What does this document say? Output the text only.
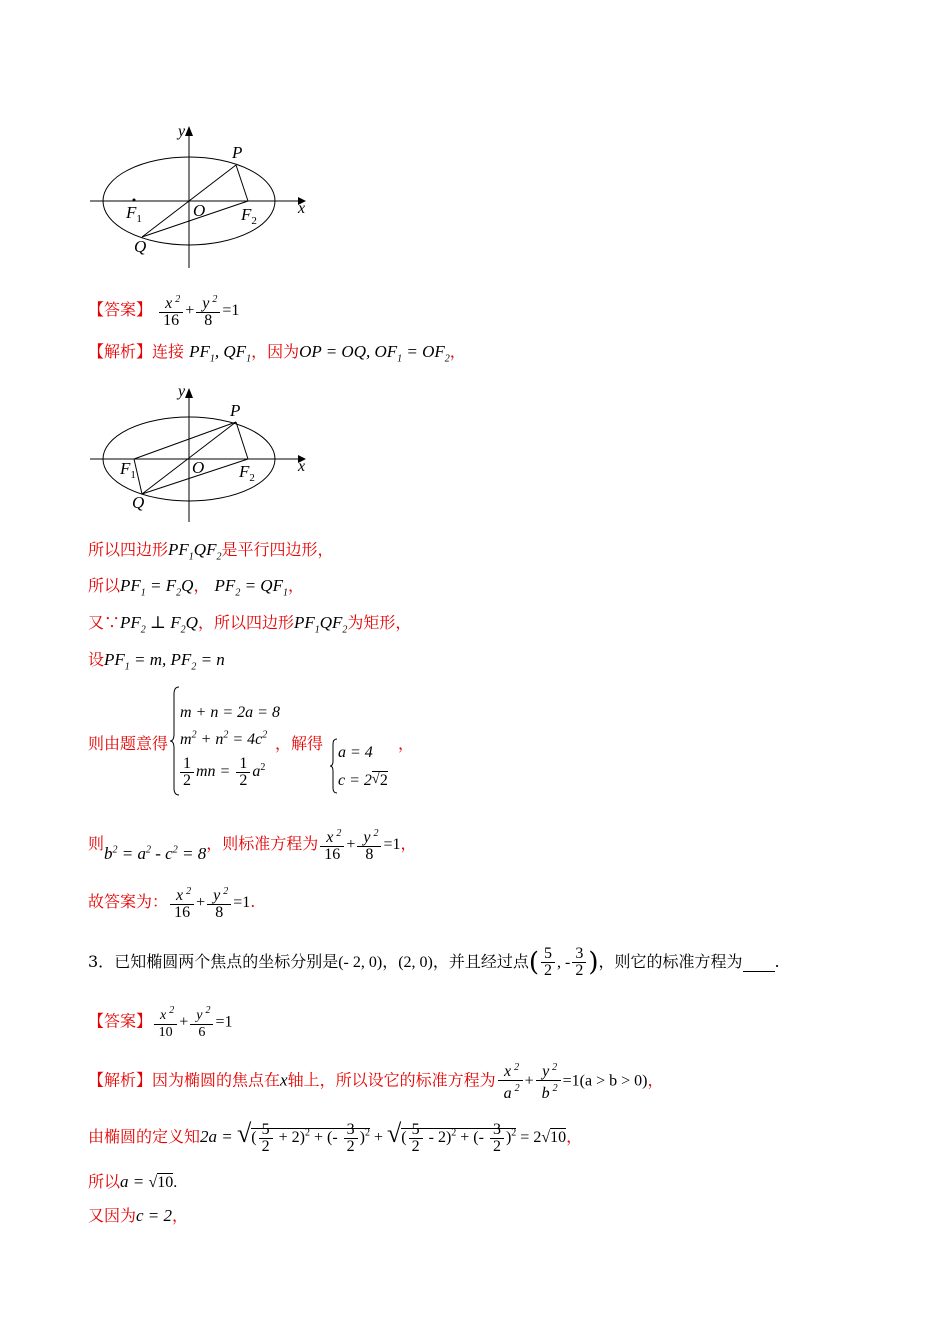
y
x
P
O
$F_1$	$F_2$
Q
【答案】 $\frac{x ^2}{16} + \frac{y ^2}{8} =1$
【解析】连接 $PF_1$, $QF_1$，因为OP = OQ, $OF_1 = OF_2$，
y
x
P
O
$F_1$	$F_2$
Q
所以四边形$PF_1QF_2$是平行四边形，
所以$PF_1 = F_2Q$， $PF_2 = QF_1$，
又$\because PF_2$ ⊥ $F_2Q$，所以四边形$PF_1QF_2$为矩形，
设$PF_1 = m$, $PF_2 = n$
则由题意得
m + n = 2a = 8
$m^2 + n^2 = 4c^2$
$\frac{1}{2}$ mn = $\frac{1}{2} a^2$
，解得 a = 4
c = 2 √ 2
，
则$b^2 = a^2 - c^2 = 8$，则标准方程为 $\frac{x ^2}{16} + \frac{y ^2}{8} =1$，
故答案为： $\frac{x ^2}{16} + \frac{y ^2}{8} =1$.
3．已知椭圆两个焦点的坐标分别是(- 2, 0)，(2, 0)，并且经过点( $\frac{5}{2}$ , - $\frac{3}{2}$ )，则它的标准方程为 .
【答案】 $\frac{x ^2}{10} + \frac{y ^2}{6} =1$
【解析】因为椭圆的焦点在x轴上，所以设它的标准方程为 $\frac{x ^2}{a ^2} + \frac{y ^2}{b ^2} =1(a > b > 0)$，
由椭圆的定义知2a = √( $\frac{5}{2} + 2)^2$ + (- $\frac{3}{2} )^2$ + √( $\frac{5}{2} - 2)^2$ + (- $\frac{3}{2} )^2 = 2√10$，
所以a = √10.
又因为c = 2，
